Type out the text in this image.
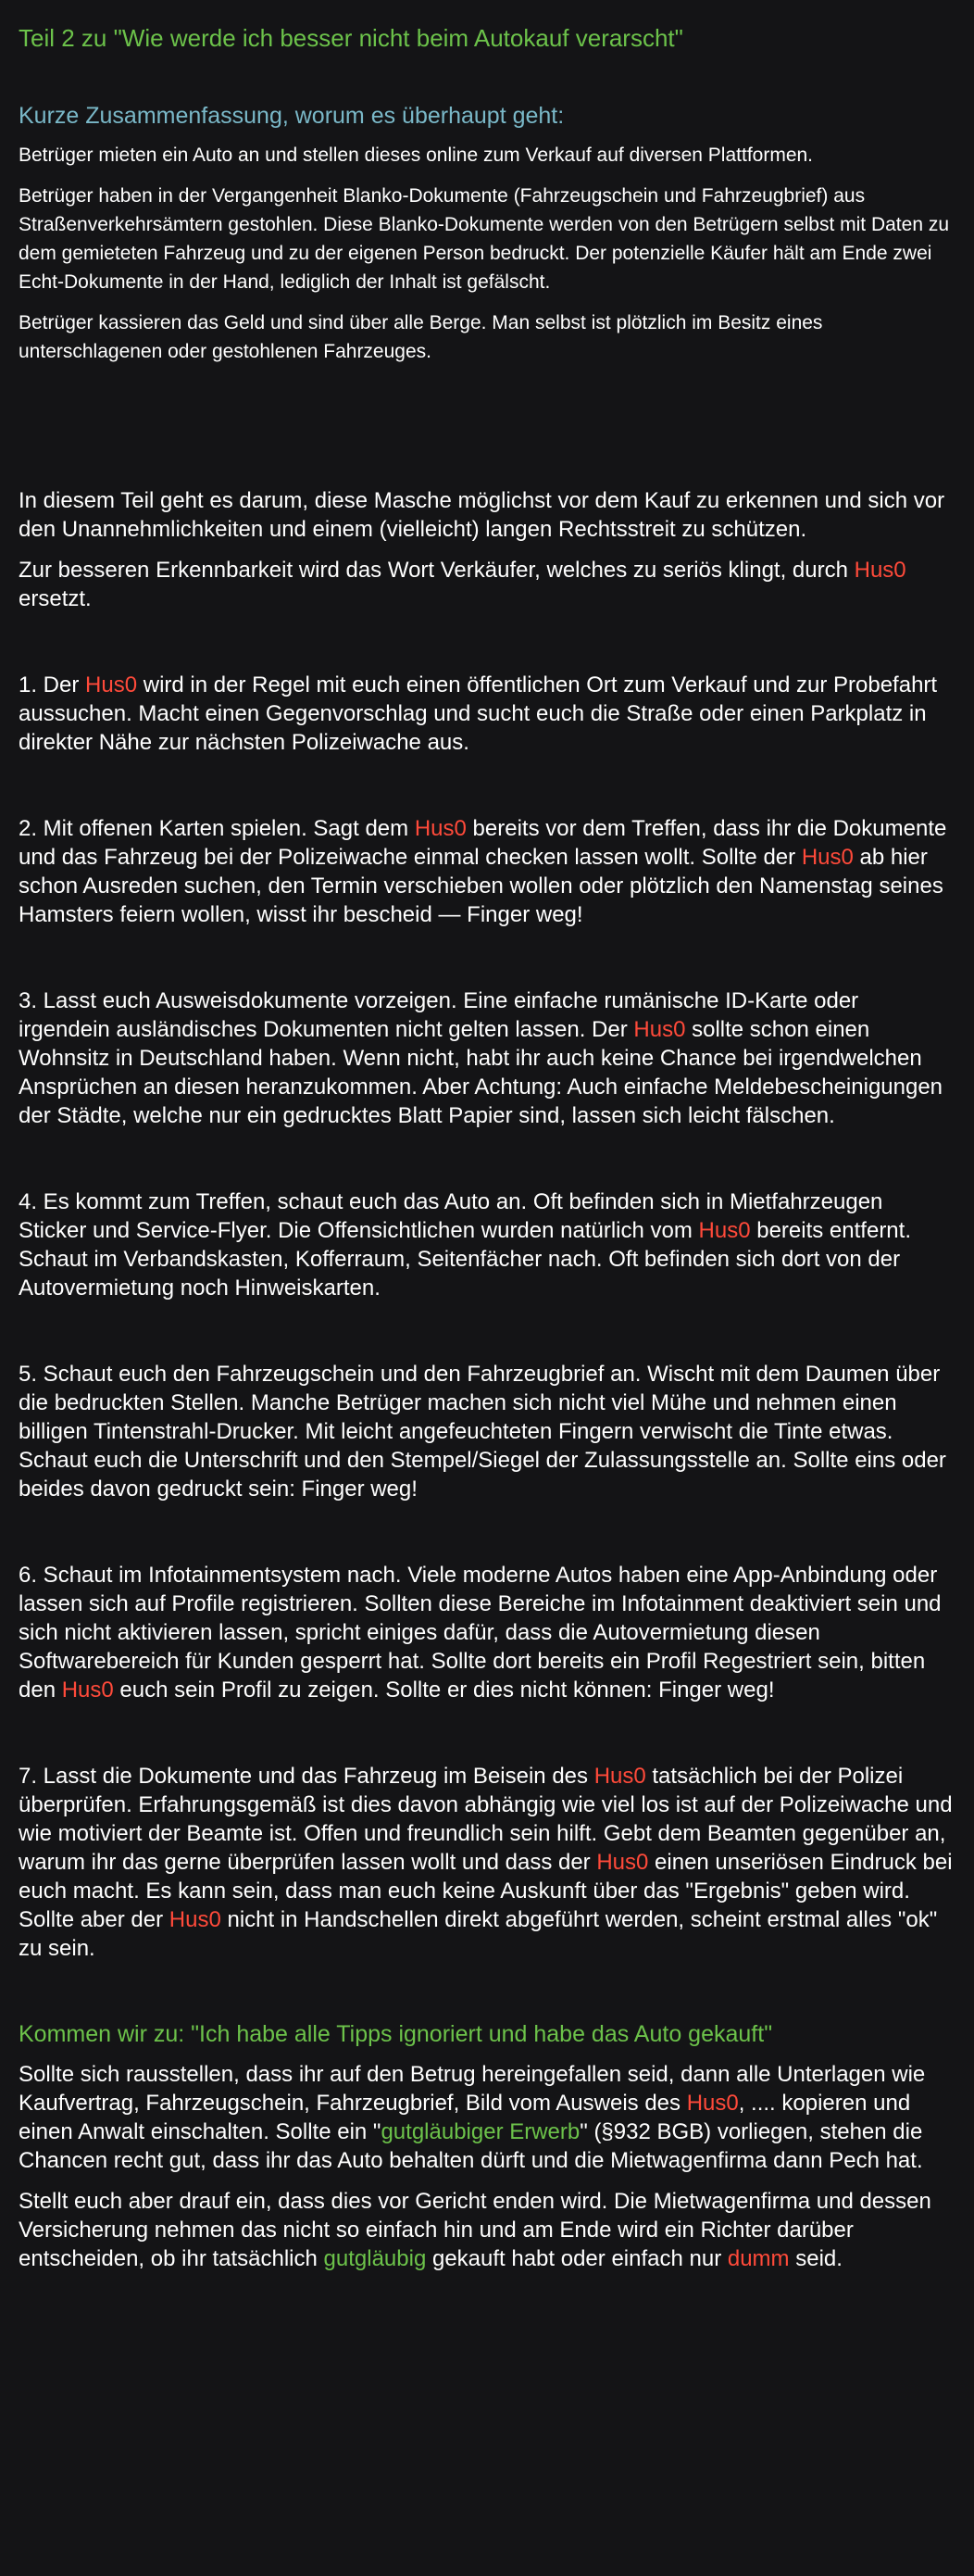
Teil 2 zu "Wie werde ich besser nicht beim Autokauf verarscht"
Kurze Zusammenfassung, worum es überhaupt geht:

Betrüger mieten ein Auto an und stellen dieses online zum Verkauf auf diversen Plattformen.

Betrüger haben in der Vergangenheit Blanko-Dokumente (Fahrzeugschein und Fahrzeugbrief) aus Straßenverkehrsämtern gestohlen. Diese Blanko-Dokumente werden von den Betrügern selbst mit Daten zu dem gemieteten Fahrzeug und zu der eigenen Person bedruckt. Der potenzielle Käufer hält am Ende zwei Echt-Dokumente in der Hand, lediglich der Inhalt ist gefälscht.

Betrüger kassieren das Geld und sind über alle Berge. Man selbst ist plötzlich im Besitz eines unterschlagenen oder gestohlenen Fahrzeuges.

In diesem Teil geht es darum, diese Masche möglichst vor dem Kauf zu erkennen und sich vor den Unannehmlichkeiten und einem (vielleicht) langen Rechtsstreit zu schützen.

Zur besseren Erkennbarkeit wird das Wort Verkäufer, welches zu seriös klingt, durch Hus0 ersetzt.

1. Der Hus0 wird in der Regel mit euch einen öffentlichen Ort zum Verkauf und zur Probefahrt aussuchen. Macht einen Gegenvorschlag und sucht euch die Straße oder einen Parkplatz in direkter Nähe zur nächsten Polizeiwache aus.

2. Mit offenen Karten spielen. Sagt dem Hus0 bereits vor dem Treffen, dass ihr die Dokumente und das Fahrzeug bei der Polizeiwache einmal checken lassen wollt. Sollte der Hus0 ab hier schon Ausreden suchen, den Termin verschieben wollen oder plötzlich den Namenstag seines Hamsters feiern wollen, wisst ihr bescheid — Finger weg!

3. Lasst euch Ausweisdokumente vorzeigen. Eine einfache rumänische ID-Karte oder irgendein ausländisches Dokumenten nicht gelten lassen. Der Hus0 sollte schon einen Wohnsitz in Deutschland haben. Wenn nicht, habt ihr auch keine Chance bei irgendwelchen Ansprüchen an diesen heranzukommen. Aber Achtung: Auch einfache Meldebescheinigungen der Städte, welche nur ein gedrucktes Blatt Papier sind, lassen sich leicht fälschen.

4. Es kommt zum Treffen, schaut euch das Auto an. Oft befinden sich in Mietfahrzeugen Sticker und Service-Flyer. Die Offensichtlichen wurden natürlich vom Hus0 bereits entfernt. Schaut im Verbandskasten, Kofferraum, Seitenfächer nach. Oft befinden sich dort von der Autovermietung noch Hinweiskarten.

5. Schaut euch den Fahrzeugschein und den Fahrzeugbrief an. Wischt mit dem Daumen über die bedruckten Stellen. Manche Betrüger machen sich nicht viel Mühe und nehmen einen billigen Tintenstrahl-Drucker. Mit leicht angefeuchteten Fingern verwischt die Tinte etwas. Schaut euch die Unterschrift und den Stempel/Siegel der Zulassungsstelle an. Sollte eins oder beides davon gedruckt sein: Finger weg!

6. Schaut im Infotainmentsystem nach. Viele moderne Autos haben eine App-Anbindung oder lassen sich auf Profile registrieren. Sollten diese Bereiche im Infotainment deaktiviert sein und sich nicht aktivieren lassen, spricht einiges dafür, dass die Autovermietung diesen Softwarebereich für Kunden gesperrt hat. Sollte dort bereits ein Profil Regestriert sein, bitten den Hus0 euch sein Profil zu zeigen. Sollte er dies nicht können: Finger weg!

7. Lasst die Dokumente und das Fahrzeug im Beisein des Hus0 tatsächlich bei der Polizei überprüfen. Erfahrungsgemäß ist dies davon abhängig wie viel los ist auf der Polizeiwache und wie motiviert der Beamte ist. Offen und freundlich sein hilft. Gebt dem Beamten gegenüber an, warum ihr das gerne überprüfen lassen wollt und dass der Hus0 einen unseriösen Eindruck bei euch macht. Es kann sein, dass man euch keine Auskunft über das "Ergebnis" geben wird. Sollte aber der Hus0 nicht in Handschellen direkt abgeführt werden, scheint erstmal alles "ok" zu sein.

Kommen wir zu: "Ich habe alle Tipps ignoriert und habe das Auto gekauft"

Sollte sich rausstellen, dass ihr auf den Betrug hereingefallen seid, dann alle Unterlagen wie Kaufvertrag, Fahrzeugschein, Fahrzeugbrief, Bild vom Ausweis des Hus0, .... kopieren und einen Anwalt einschalten. Sollte ein "gutgläubiger Erwerb" (§932 BGB) vorliegen, stehen die Chancen recht gut, dass ihr das Auto behalten dürft und die Mietwagenfirma dann Pech hat.

Stellt euch aber drauf ein, dass dies vor Gericht enden wird. Die Mietwagenfirma und dessen Versicherung nehmen das nicht so einfach hin und am Ende wird ein Richter darüber entscheiden, ob ihr tatsächlich gutgläubig gekauft habt oder einfach nur dumm seid.
